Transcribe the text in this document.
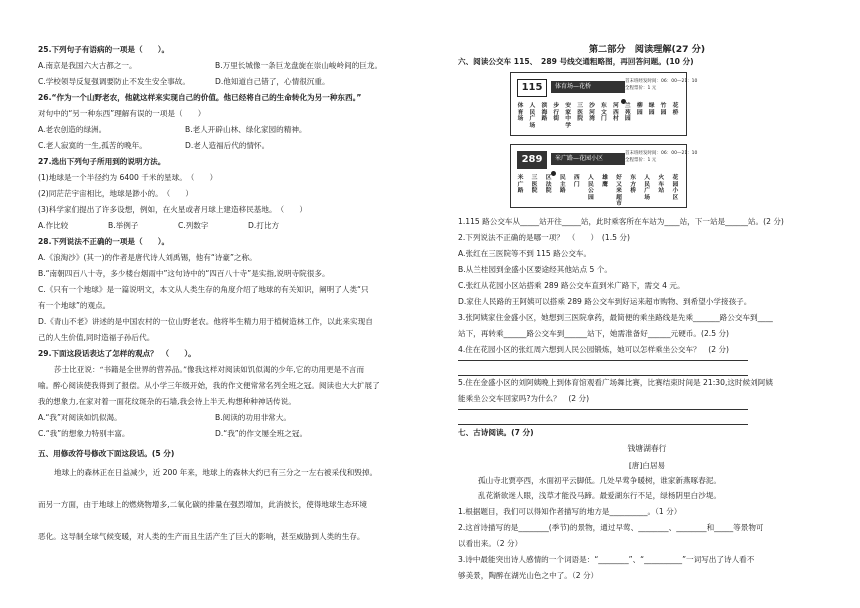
25.下列句子有语病的一项是（　　）。
A.南京是我国六大古都之一。	B.万里长城像一条巨龙盘旋在崇山峻岭间的巨龙。
C.学校领导反复强调要防止不发生安全事故。	D.他知道自己错了，心情很沉重。
26.“作为一个山野老农，他就这样来实现自己的价值。他已经将自己的生命转化为另一种东西。”
对句中的“另一种东西”理解有误的一项是（　　）
A.老农创造的绿洲。	B.老人开辟山林、绿化家园的精神。
C.老人寂寞的一生,孤苦的晚年。	D.老人造福后代的情怀。
27.选出下列句子所用到的说明方法。
(1)地球是一个半径约为 6400 千米的星球。　（　　）
(2)同茫茫宇宙相比，地球是渺小的。　（　　）
(3)科学家们提出了许多设想，例如，在火星或者月球上建造移民基地。　（　　）
A.作比较	B.举例子	C.列数字	D.打比方
28.下列说法不正确的一项是（　　）。
A.《浪淘沙》(其一)的作者是唐代诗人刘禹锡，他有“诗豪”之称。
B.“南朝四百八十寺，多少楼台烟雨中”这句诗中的“四百八十寺”是实指,说明寺院很多。
C.《只有一个地球》是一篇说明文，本文从人类生存的角度介绍了地球的有关知识，阐明了人类“只
有一个地球”的观点。
D.《青山不老》讲述的是中国农村的一位山野老农。他将毕生精力用于植树造林工作，以此来实现自
己的人生价值,同时造福子孙后代。
29.下面这段话表达了怎样的观点？　（　　）。
莎士比亚说：“书籍是全世界的营养品。”像我这样对阅读如饥似渴的少年,它的功用更是不言而
喻。醉心阅读使我得到了报偿。从小学三年级开始，我的作文便常常名列全班之冠。阅读也大大扩展了
我的想象力,在家对着一面花纹斑杂的石墙,我会待上半天,构想种种神话传说。
A.“我”对阅读如饥似渴。	B.阅读的功用非常大。
C.“我”的想象力特别丰富。	D.“我”的作文屡全班之冠。
五、用修改符号修改下面这段话。(5 分)
地球上的森林正在日益减少，近 200 年来，地球上的森林大约已有三分之一左右被采伐和毁掉。
而另一方面，由于地球上的燃烧物增多,二氧化碳的排量在强烈增加，此消彼长，使得地球生态环境
恶化。这导制全球气候变暖，对人类的生产而且生活产生了巨大的影响，甚至威胁到人类的生存。
第二部分　阅读理解(27 分)
六、阅读公交车 115、　289 号线交通粗略图，再回答问题。(10 分)
115	体育场—花桥
首末班经发时间：06：00—21：10
全程票价：1 元
体育场
人民广场
滨海路
步行街
安家中学
三医院
沙河湾
东文门
河西村
兰苑园
柳园
绿园
竹园
花桥
289	米广路—花园小区
首末班经发时间：06：00—21：10
全程票价：1 元
米广路
三医院
区法院
民主路
西门
人民公园
雄鹰
好又来超市
东方桥
人民广场
火车站
花园小区
1.115 路公交车从_____站开往_____站，此时乘客所在车站为____站，下一站是______站。(2 分)
2.下列说法不正确的是哪一项？　（　　）　(1.5 分)
A.张红在三医院等不到 115 路公交车。
B.从兰桂园到金盛小区要途经其他站点 5 个。
C.张红从花园小区站搭乘 289 路公交车直到米广路下，需交 4 元。
D.家住人民路的王阿姨可以搭乘 289 路公交车到好运来超市购物、到希望小学接孩子。
3.张阿姨家住金盛小区，她想到三医院拿药，最简便的乘坐路线是先乘_______路公交车到____
站下，再转乘______路公交车到______站下，她需准备好______元硬币。(2.5 分)
4.住在花园小区的张红周六想到人民公园锻炼，她可以怎样乘坐公交车？　(2 分)
5.住在金盛小区的刘阿姨晚上到体育馆观看广场舞比赛，比赛结束时间是 21:30,这时候刘阿姨
能乘坐公交车回家吗?为什么？　(2 分)
七、古诗阅读。(7 分)
钱塘湖春行
[唐]白居易
孤山寺北贾亭西，水面初平云脚低。几处早莺争暖树，谁家新燕啄春泥。
乱花渐欲迷人眼，浅草才能没马蹄。最爱湖东行不足，绿杨阴里白沙堤。
1.根据题目，我们可以得知作者描写的地方是__________。（1 分）
2.这首诗描写的是________(季节)的景物，通过早莺、________、________和_____等景物可
以看出来。（2 分）
3.诗中最能突出诗人感情的一个词语是：“________”、“__________”一词写出了诗人看不
够美景，陶醉在湖光山色之中了。（2 分）
